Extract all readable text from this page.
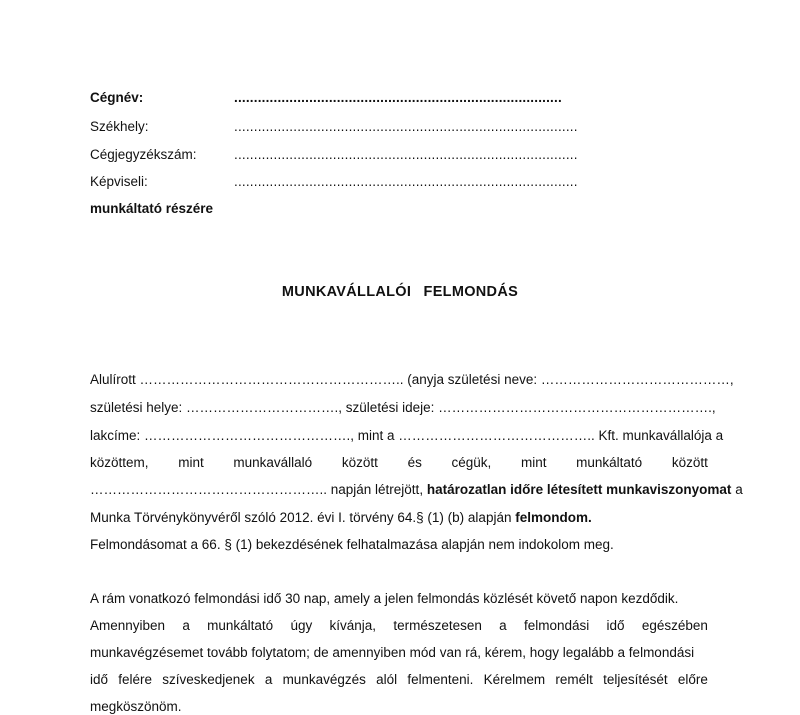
Cégnév:	...................................................................................
Székhely:	.......................................................................................
Cégjegyzékszám:	.......................................................................................
Képviseli:	.......................................................................................
munkáltató részére
MUNKAVÁLLALÓI FELMONDÁS
Alulírott ………………………………………………….. (anyja születési neve: ……………………………………,
születési helye: ……………………………., születési ideje: …………………………………………………….,
lakcíme: ………………………………………., mint a …………………………………….. Kft. munkavállalója a
közöttem, mint munkavállaló között és cégük, mint munkáltató között
…………………………………………….. napján létrejött, határozatlan időre létesített munkaviszonyomat a
Munka Törvénykönyvéről szóló 2012. évi I. törvény 64.§ (1) (b) alapján felmondom.
Felmondásomat a 66. § (1) bekezdésének felhatalmazása alapján nem indokolom meg.
A rám vonatkozó felmondási idő 30 nap, amely a jelen felmondás közlését követő napon kezdődik.
Amennyiben a munkáltató úgy kívánja, természetesen a felmondási idő egészében
munkavégzésemet tovább folytatom; de amennyiben mód van rá, kérem, hogy legalább a felmondási
idő felére szíveskedjenek a munkavégzés alól felmenteni. Kérelmem remélt teljesítését előre
megköszönöm.
